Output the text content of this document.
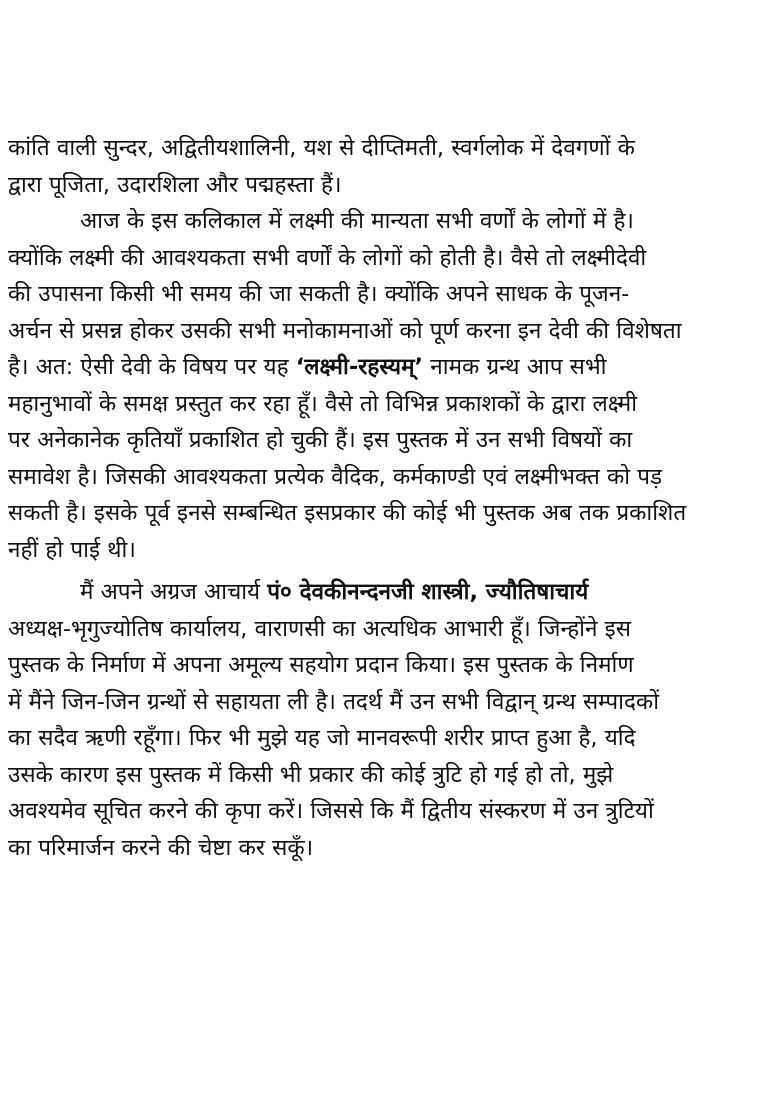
कांति वाली सुन्दर, अद्वितीयशालिनी, यश से दीप्तिमती, स्वर्गलोक में देवगणों के
द्वारा पूजिता, उदारशिला और पद्महस्ता हैं।
आज के इस कलिकाल में लक्ष्मी की मान्यता सभी वर्णों के लोगों में है।
क्योंकि लक्ष्मी की आवश्यकता सभी वर्णों के लोगों को होती है। वैसे तो लक्ष्मीदेवी
की उपासना किसी भी समय की जा सकती है। क्योंकि अपने साधक के पूजन-
अर्चन से प्रसन्न होकर उसकी सभी मनोकामनाओं को पूर्ण करना इन देवी की विशेषता
है। अत: ऐसी देवी के विषय पर यह ‘लक्ष्मी-रहस्यम्’ नामक ग्रन्थ आप सभी
महानुभावों के समक्ष प्रस्तुत कर रहा हूँ। वैसे तो विभिन्न प्रकाशकों के द्वारा लक्ष्मी
पर अनेकानेक कृतियाँ प्रकाशित हो चुकी हैं। इस पुस्तक में उन सभी विषयों का
समावेश है। जिसकी आवश्यकता प्रत्येक वैदिक, कर्मकाण्डी एवं लक्ष्मीभक्त को पड़
सकती है। इसके पूर्व इनसे सम्बन्धित इसप्रकार की कोई भी पुस्तक अब तक प्रकाशित
नहीं हो पाई थी।
मैं अपने अग्रज आचार्य पं० देवकीनन्दनजी शास्त्री, ज्यौतिषाचार्य
अध्यक्ष-भृगुज्योतिष कार्यालय, वाराणसी का अत्यधिक आभारी हूँ। जिन्होंने इस
पुस्तक के निर्माण में अपना अमूल्य सहयोग प्रदान किया। इस पुस्तक के निर्माण
में मैंने जिन-जिन ग्रन्थों से सहायता ली है। तदर्थ मैं उन सभी विद्वान् ग्रन्थ सम्पादकों
का सदैव ऋणी रहूँगा। फिर भी मुझे यह जो मानवरूपी शरीर प्राप्त हुआ है, यदि
उसके कारण इस पुस्तक में किसी भी प्रकार की कोई त्रुटि हो गई हो तो, मुझे
अवश्यमेव सूचित करने की कृपा करें। जिससे कि मैं द्वितीय संस्करण में उन त्रुटियों
का परिमार्जन करने की चेष्टा कर सकूँ।
